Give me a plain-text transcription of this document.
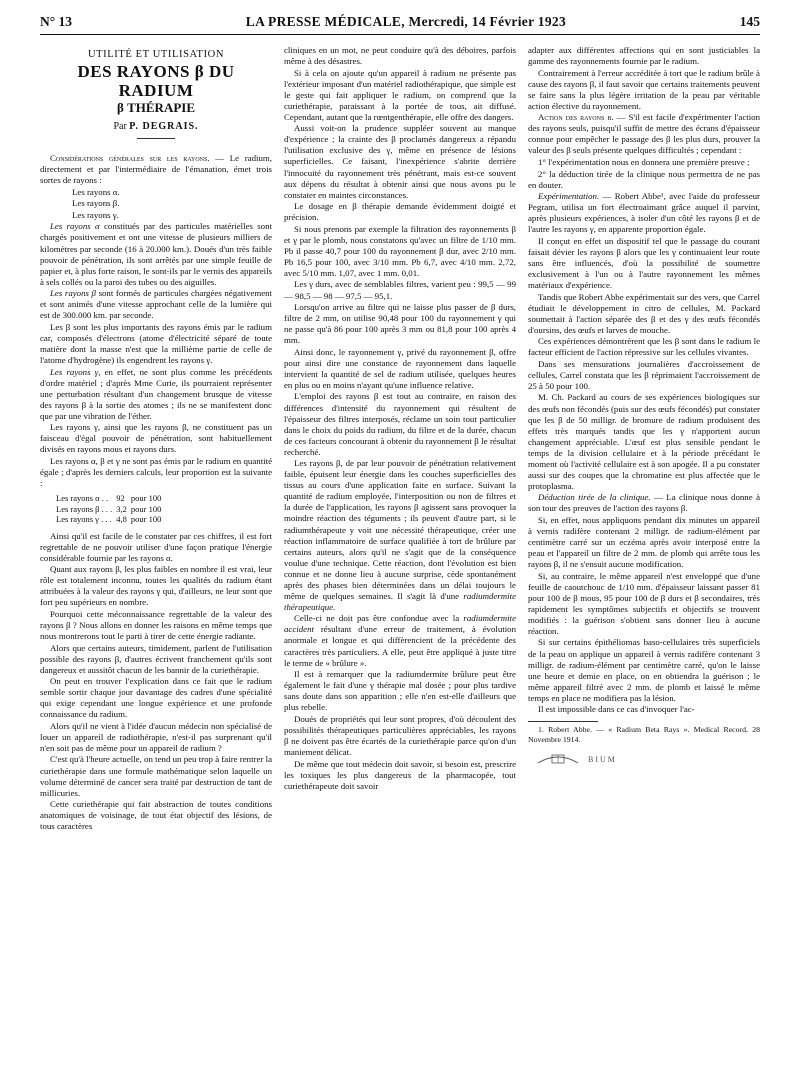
N° 13	LA PRESSE MÉDICALE, Mercredi, 14 Février 1923	145
UTILITÉ ET UTILISATION
DES RAYONS β DU RADIUM
β THÉRAPIE
Par P. DEGRAIS.

Considérations générales sur les rayons. — Le radium, directement et par l'intermédiaire de l'émanation, émet trois sortes de rayons :

Les rayons α.

Les rayons β.

Les rayons γ.

Les rayons α constitués par des particules matérielles sont chargés positivement et ont une vitesse de plusieurs milliers de kilomètres par seconde (16 à 20.000 km.). Doués d'un très faible pouvoir de pénétration, ils sont arrêtés par une simple feuille de papier et, à plus forte raison, le sont-ils par le vernis des appareils à sels collés ou la paroi des tubes ou des aiguilles.

Les rayons β sont formés de particules chargées négativement et sont animés d'une vitesse approchant celle de la lumière qui est de 300.000 km. par seconde.

Les β sont les plus importants des rayons émis par le radium car, composés d'électrons (atome d'électricité séparé de toute matière dont la masse n'est que la millième partie de celle de l'atome d'hydrogène) ils engendrent les rayons γ.

Les rayons γ, en effet, ne sont plus comme les précédents d'ordre matériel ; d'après Mme Curie, ils pourraient représenter une perturbation résultant d'un changement brusque de vitesse des rayons β à la sortie des atomes ; ils ne se manifestent donc que par une vibration de l'éther.

Les rayons γ, ainsi que les rayons β, ne constituent pas un faisceau d'égal pouvoir de pénétration, sont habituellement divisés en rayons mous et rayons durs.

Les rayons α, β et γ ne sont pas émis par le radium en quantité égale ; d'après les derniers calculs, leur proportion est la suivante :

Les rayons α . .	92	pour 100
Les rayons β . . .	3,2	pour 100
Les rayons γ . . .	4,8	pour 100

Ainsi qu'il est facile de le constater par ces chiffres, il est fort regrettable de ne pouvoir utiliser d'une façon pratique l'énergie considérable fournie par les rayons α.

Quant aux rayons β, les plus faibles en nombre il est vrai, leur rôle est totalement inconnu, toutes les qualités du radium étant attribuées à la valeur des rayons γ qui, d'ailleurs, ne leur sont que fort peu supérieurs en nombre.

Pourquoi cette méconnaissance regrettable de la valeur des rayons β ? Nous allons en donner les raisons en même temps que nous montrerons tout le parti à tirer de cette énergie radiante.

Alors que certains auteurs, timidement, parlent de l'utilisation possible des rayons β, d'autres écrivent franchement qu'ils sont dangereux et aussitôt chacun de les bannir de la curiethérapie.

On peut en trouver l'explication dans ce fait que le radium semble sortir chaque jour davantage des cadres d'une spécialité qui exige cependant une longue expérience et une profonde connaissance du radium.

Alors qu'il ne vient à l'idée d'aucun médecin non spécialisé de louer un appareil de radiothérapie, n'est-il pas surprenant qu'il n'en soit pas de même pour un appareil de radium ?

C'est qu'à l'heure actuelle, on tend un peu trop à faire rentrer la curiethérapie dans une formule mathématique selon laquelle un volume déterminé de cancer sera traité par destruction de tant de millicuries.

Cette curiethérapie qui fait abstraction de toutes conditions anatomiques de voisinage, de tout état objectif des lésions, de tous caractères

cliniques en un mot, ne peut conduire qu'à des déboires, parfois même à des désastres.

Si à cela on ajoute qu'un appareil à radium ne présente pas l'extérieur imposant d'un matériel radiothérapique, que simple est le geste qui fait appliquer le radium, on comprend que la curiethérapie, paraissant à la portée de tous, ait diffusé. Cependant, autant que la rœntgenthérapie, elle offre des dangers.

Aussi voit-on la prudence suppléer souvent au manque d'expérience ; la crainte des β proclamés dangereux a répandu l'utilisation exclusive des γ, même en présence de lésions superficielles. Ce faisant, l'inexpérience s'abrite derrière l'innocuité du rayonnement très pénétrant, mais est-ce souvent aux dépens du résultat à obtenir ainsi que nous avons pu le constater en maintes circonstances.

Le dosage en β thérapie demande évidemment doigté et précision.

Si nous prenons par exemple la filtration des rayonnements β et γ par le plomb, nous constatons qu'avec un filtre de 1/10 mm. Pb il passe 40,7 pour 100 du rayonnement β dur, avec 2/10 mm. Pb 16,5 pour 100, avec 3/10 mm. Pb 6,7, avec 4/10 mm. 2,72, avec 5/10 mm. 1,07, avec 1 mm. 0,01.

Les γ durs, avec de semblables filtres, varient peu : 99,5 — 99 — 98,5 — 98 — 97,5 — 95,1.

Lorsqu'on arrive au filtre qui ne laisse plus passer de β durs, filtre de 2 mm, on utilise 90,48 pour 100 du rayonnement γ qui ne passe qu'à 86 pour 100 après 3 mm ou 81,8 pour 100 après 4 mm.

Ainsi donc, le rayonnement γ, privé du rayonnement β, offre pour ainsi dire une constance de rayonnement dans laquelle intervient la quantité de sel de radium utilisée, quelques heures en plus ou en moins n'ayant qu'une influence relative.

L'emploi des rayons β est tout au contraire, en raison des différences d'intensité du rayonnement qui résultent de l'épaisseur des filtres interposés, réclame un soin tout particulier dans le choix du poids du radium, du filtre et de la durée, chacun de ces facteurs concourant à obtenir du rayonnement β le résultat recherché.

Les rayons β, de par leur pouvoir de pénétration relativement faible, épuisent leur énergie dans les couches superficielles des tissus au cours d'une application faite en surface. Suivant la quantité de radium employée, l'interposition ou non de filtres et la durée de l'application, les rayons β agissent sans provoquer la moindre réaction des téguments ; ils peuvent d'autre part, si le radiumthérapeute y voit une nécessité thérapeutique, créer une réaction inflammatoire de surface qualifiée à tort de brûlure par certains auteurs, alors qu'il ne s'agit que de la conséquence voulue d'une technique. Cette réaction, dont l'évolution est bien connue et ne donne lieu à aucune surprise, cède spontanément après des phases bien déterminées dans un délai toujours le même de quelques semaines. Il s'agit là d'une radiumdermite thérapeutique.

Celle-ci ne doit pas être confondue avec la radiumdermite accident résultant d'une erreur de traitement, à évolution anormale et longue et qui diffèrencient de la précédente des caractères très particuliers. A elle, peut être appliqué à juste titre le terme de « brûlure ».

Il est à remarquer que la radiumdermite brûlure peut être également le fait d'une γ thérapie mal dosée ; pour plus tardive sans doute dans son apparition ; elle n'en est-elle d'ailleurs que plus rebelle.

Doués de propriétés qui leur sont propres, d'où découlent des possibilités thérapeutiques particulières appréciables, les rayons β ne doivent pas être écartés de la curiethérapie parce qu'on d'un maniement délicat.

De même que tout médecin doit savoir, si besoin est, prescrire les toxiques les plus dangereux de la pharmacopée, tout curiethérapeute doit savoir

adapter aux différentes affections qui en sont justiciables la gamme des rayonnements fournie par le radium.

Contrairement à l'erreur accréditée à tort que le radium brûle à cause des rayons β, il faut savoir que certains traitements peuvent se faire sans la plus légère irritation de la peau par véritable action élective du rayonnement.

Action des rayons β. — S'il est facile d'expérimenter l'action des rayons seuls, puisqu'il suffit de mettre des écrans d'épaisseur connue pour empêcher le passage des β les plus durs, prouver la valeur des β seuls présente quelques difficultés ; cependant :

1° l'expérimentation nous en donnera une première preuve ;

2° la déduction tirée de la clinique nous permettra de ne pas en douter.

Expérimentation. — Robert Abbe¹, avec l'aide du professeur Pegram, utilisa un fort électroaimant grâce auquel il parvint, après plusieurs expériences, à isoler d'un côté les rayons β et de l'autre les rayons γ, en apparente proportion égale.

Il conçut en effet un dispositif tel que le passage du courant faisait dévier les rayons β alors que les γ continuaient leur route sans être influencés, d'où la possibilité de soumettre exclusivement à l'un ou à l'autre rayonnement les mêmes matériaux d'expérience.

Tandis que Robert Abbe expérimentait sur des vers, que Carrel étudiait le développement in citro de cellules, M. Packard soumettait à l'action séparée des β et des γ des œufs fécondés d'oursins, des œufs et larves de mouche.

Ces expériences démontrèrent que les β sont dans le radium le facteur efficient de l'action répressive sur les cellules vivantes.

Dans ses mensurations journalières d'accroissement de cellules, Carrel constata que les β réprimaient l'accroissement de 25 à 50 pour 100.

M. Ch. Packard au cours de ses expériences biologiques sur des œufs non fécondés (puis sur des œufs fécondés) put constater que les β de 50 milligr. de bromure de radium produisent des effets très marqués tandis que les γ n'apportent aucun changement appréciable. L'œuf est plus sensible pendant le temps de la division cellulaire et à la période précédant le moment où l'activité cellulaire est à son apogée. Il a pu constater aussi sur des coupes que la chromatine est plus affectée que le protoplasma.

Déduction tirée de la clinique. — La clinique nous donne à son tour des preuves de l'action des rayons β.

Si, en effet, nous appliquons pendant dix minutes un appareil à vernis radifère contenant 2 milligr. de radium-élément par centimètre carré sur un eczéma après avoir interposé entre la peau et l'appareil un filtre de 2 mm. de plomb qui arrête tous les rayons β, il ne s'ensuit aucune modification.

Si, au contraire, le même appareil n'est enveloppé que d'une feuille de caoutchouc de 1/10 mm. d'épaisseur laissant passer 81 pour 100 de β mous, 95 pour 100 de β durs et β secondaires, très rapidement les symptômes subjectifs et objectifs se trouvent modifiés : la guérison s'obtient sans donner lieu à aucune réaction.

Si sur certains épithéliomas baso-cellulaires très superficiels de la peau on applique un appareil à vernis radifère contenant 3 milligr. de radium-élément par centimètre carré, qu'on le laisse une heure et demie en place, on en obtiendra la guérison ; le même appareil filtré avec 2 mm. de plomb et laissé le même temps en place ne modifiera pas la lésion.

Il est impossible dans ce cas d'invoquer l'ac-

1. Robert Abbe. — « Radium Beta Rays ». Medical Record, 28 Novembre 1914.

BIUM
